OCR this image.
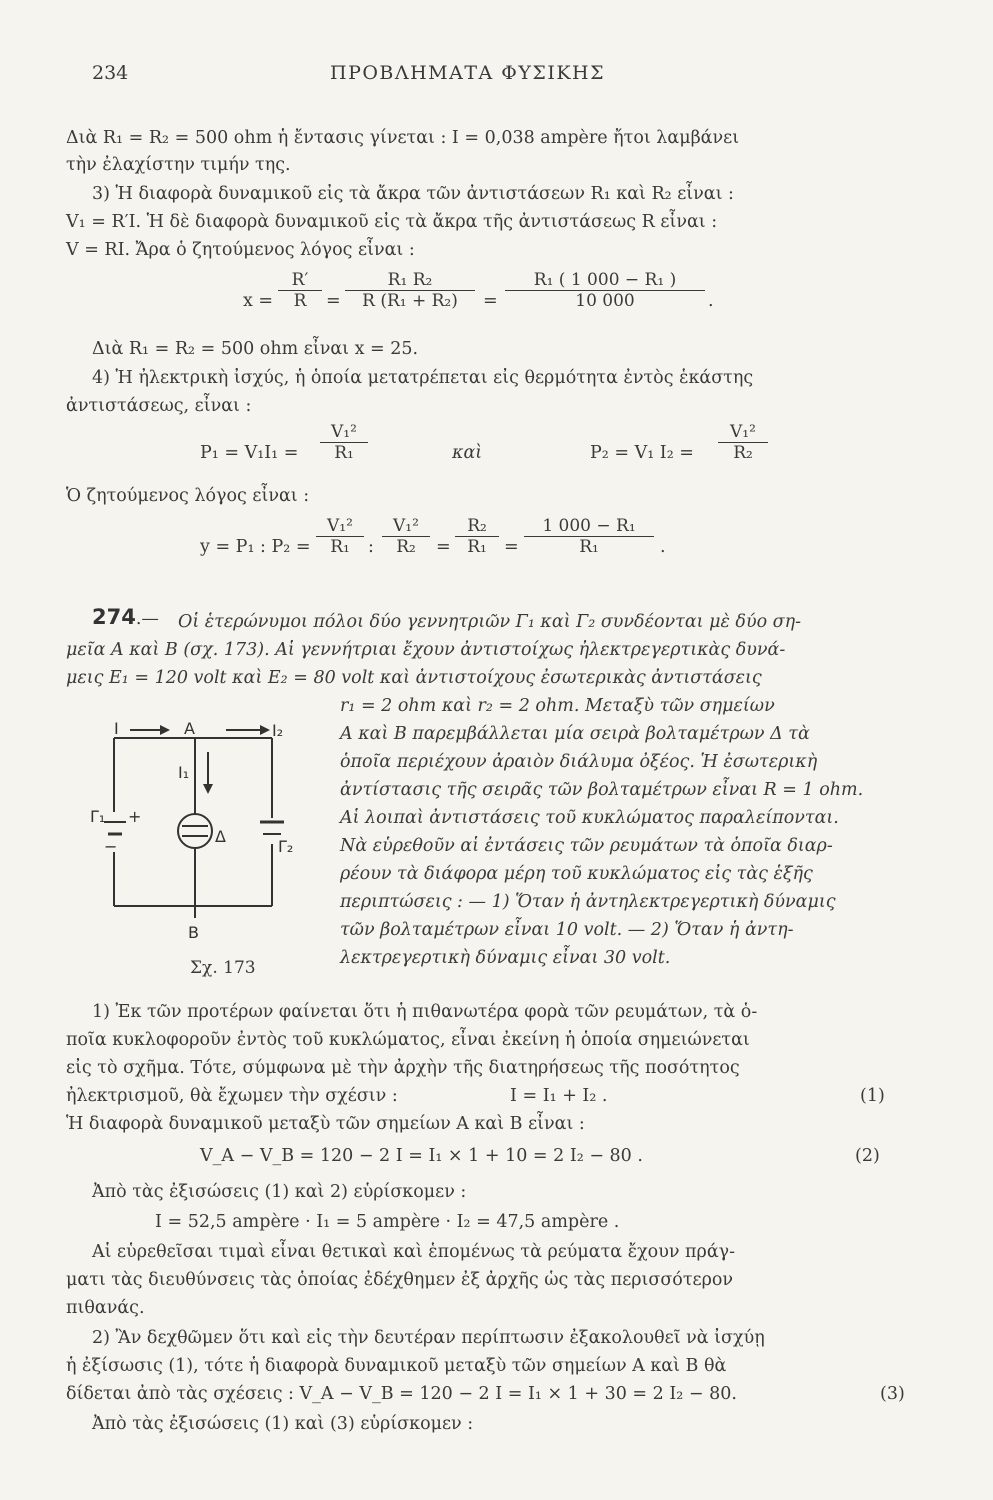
234	ΠΡΟΒΛΗΜΑΤΑ ΦΥΣΙΚΗΣ
Διὰ R₁ = R₂ = 500 ohm ἡ ἔντασις γίνεται : I = 0,038 ampère ἤτοι λαμβάνει
τὴν ἐλαχίστην τιμήν της.
3) Ἡ διαφορὰ δυναμικοῦ εἰς τὰ ἄκρα τῶν ἀντιστάσεων R₁ καὶ R₂ εἶναι :
V₁ = R′I. Ἡ δὲ διαφορὰ δυναμικοῦ εἰς τὰ ἄκρα τῆς ἀντιστάσεως R εἶναι :
V = RI. Ἄρα ὁ ζητούμενος λόγος εἶναι :
$x = \frac{R'}{R} = \frac{\text{R₁ R₂}}{\text{R (R₁ + R₂)}} = \frac{\text{R₁ ( 1 000 − R₁ )}}{10 000}$ .
Διὰ R₁ = R₂ = 500 ohm εἶναι x = 25.
4) Ἡ ἠλεκτρικὴ ἰσχύς, ἡ ὁποία μετατρέπεται εἰς θερμότητα ἐντὸς ἑκάστης
ἀντιστάσεως, εἶναι :
$P_1 = V_1I_1 = \frac{\text{V₁²}}{\text{R₁}}$	καὶ	P₂ = V₁ $I_2 = \frac{\text{V₁²}}{\text{R₂}}$
Ὁ ζητούμενος λόγος εἶναι :
y = P₁ : $P_2 = \frac{\text{V₁²}}{\text{R₁}}$ : $\frac{\text{V₁²}}{\text{R₂}} = \frac{\text{R₂}}{\text{R₁}} = \frac{\text{1 000 − R₁}}{\text{R₁}}$ .
274.— Οἱ ἑτερώνυμοι πόλοι δύο γεννητριῶν Γ₁ καὶ Γ₂ συνδέονται μὲ δύο ση-
μεῖα Α καὶ Β (σχ. 173). Αἱ γεννήτριαι ἔχουν ἀντιστοίχως ἠλεκτρεγερτικὰς δυνά-
μεις E₁ = 120 volt καὶ E₂ = 80 volt καὶ ἀντιστοίχους ἐσωτερικὰς ἀντιστάσεις
r₁ = 2 ohm καὶ r₂ = 2 ohm. Μεταξὺ τῶν σημείων
Α καὶ Β παρεμβάλλεται μία σειρὰ βολταμέτρων Δ τὰ
ὁποῖα περιέχουν ἀραιὸν διάλυμα ὀξέος. Ἡ ἐσωτερικὴ
ἀντίστασις τῆς σειρᾶς τῶν βολταμέτρων εἶναι R = 1 ohm.
Αἱ λοιπαὶ ἀντιστάσεις τοῦ κυκλώματος παραλείπονται.
Νὰ εὑρεθοῦν αἱ ἐντάσεις τῶν ρευμάτων τὰ ὁποῖα διαρ-
ρέουν τὰ διάφορα μέρη τοῦ κυκλώματος εἰς τὰς ἑξῆς
περιπτώσεις : — 1) Ὅταν ἡ ἀντηλεκτρεγερτικὴ δύναμις
τῶν βολταμέτρων εἶναι 10 volt. — 2) Ὅταν ἡ ἀντη-
λεκτρεγερτικὴ δύναμις εἶναι 30 volt.
I	A	I₂
I₁
Γ₁ +
−
Δ
Γ₂
B
Σχ. 173
1) Ἐκ τῶν προτέρων φαίνεται ὅτι ἡ πιθανωτέρα φορὰ τῶν ρευμάτων, τὰ ὁ-
ποῖα κυκλοφοροῦν ἐντὸς τοῦ κυκλώματος, εἶναι ἐκείνη ἡ ὁποία σημειώνεται
εἰς τὸ σχῆμα. Τότε, σύμφωνα μὲ τὴν ἀρχὴν τῆς διατηρήσεως τῆς ποσότητος
ἠλεκτρισμοῦ, θὰ ἔχωμεν τὴν σχέσιν :	I = I₁ + I₂ .	(1)
Ἡ διαφορὰ δυναμικοῦ μεταξὺ τῶν σημείων Α καὶ Β εἶναι :
V_A − V_B = 120 − 2 I = I₁ × 1 + 10 = 2 I₂ − 80 .	(2)
Ἀπὸ τὰς ἐξισώσεις (1) καὶ 2) εὑρίσκομεν :
I = 52,5 ampère · I₁ = 5 ampère · I₂ = 47,5 ampère .
Αἱ εὑρεθεῖσαι τιμαὶ εἶναι θετικαὶ καὶ ἑπομένως τὰ ρεύματα ἔχουν πράγ-
ματι τὰς διευθύνσεις τὰς ὁποίας ἐδέχθημεν ἐξ ἀρχῆς ὡς τὰς περισσότερον
πιθανάς.
2) Ἂν δεχθῶμεν ὅτι καὶ εἰς τὴν δευτέραν περίπτωσιν ἐξακολουθεῖ νὰ ἰσχύῃ
ἡ ἐξίσωσις (1), τότε ἡ διαφορὰ δυναμικοῦ μεταξὺ τῶν σημείων Α καὶ Β θὰ
δίδεται ἀπὸ τὰς σχέσεις : V_A − V_B = 120 − 2 I = I₁ × 1 + 30 = 2 I₂ − 80.	(3)
Ἀπὸ τὰς ἐξισώσεις (1) καὶ (3) εὑρίσκομεν :
